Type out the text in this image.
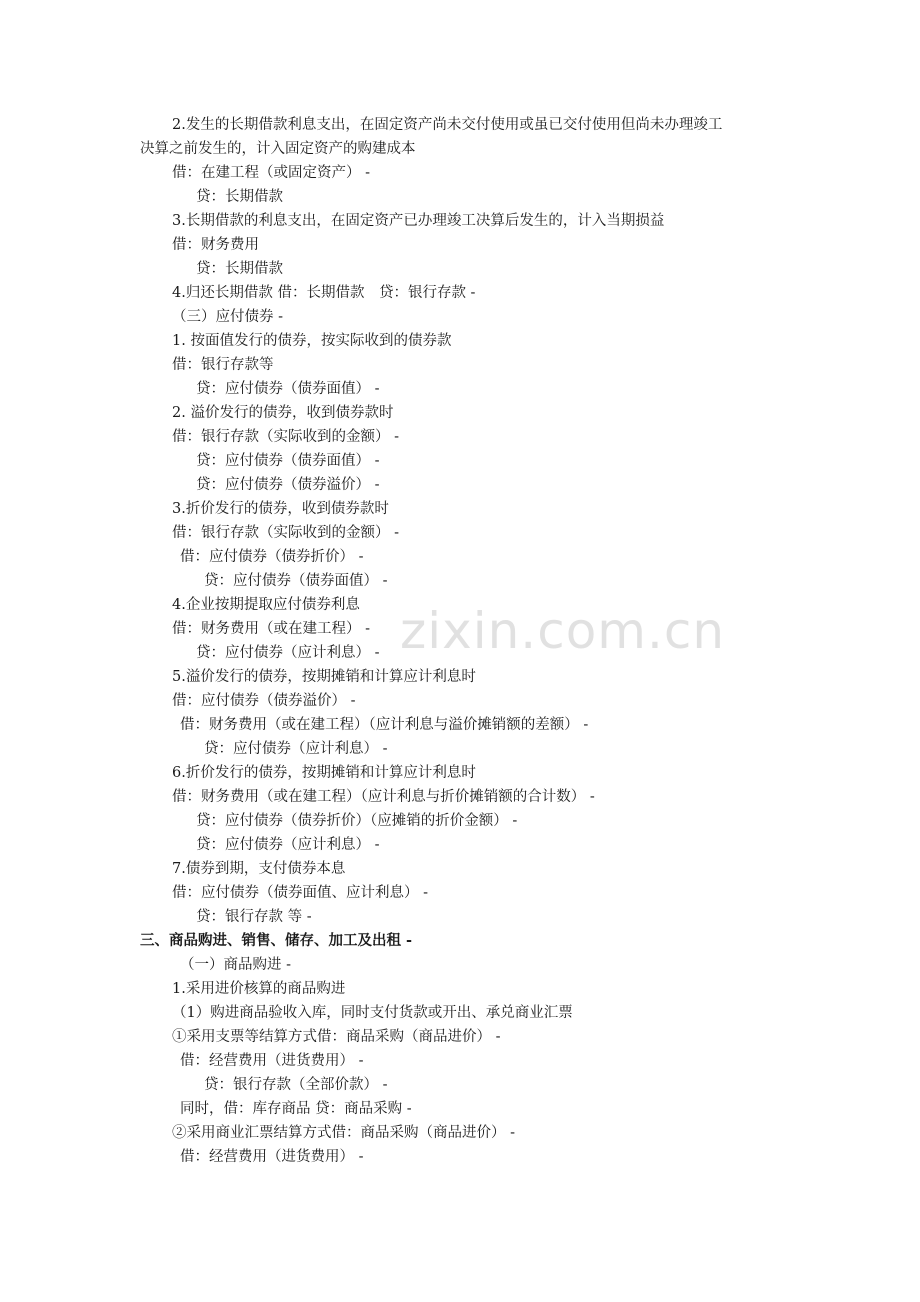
2.发生的长期借款利息支出，在固定资产尚未交付使用或虽已交付使用但尚未办理竣工
决算之前发生的，计入固定资产的购建成本
借：在建工程（或固定资产） -
贷：长期借款
3.长期借款的利息支出，在固定资产已办理竣工决算后发生的，计入当期损益
借：财务费用
贷：长期借款
4.归还长期借款 借：长期借款　贷：银行存款 -
（三）应付债券 -
1. 按面值发行的债券，按实际收到的债券款
借：银行存款等
贷：应付债券（债券面值） -
2. 溢价发行的债券，收到债券款时
借：银行存款（实际收到的金额） -
贷：应付债券（债券面值） -
贷：应付债券（债券溢价） -
3.折价发行的债券，收到债券款时
借：银行存款（实际收到的金额） -
借：应付债券（债券折价） -
贷：应付债券（债券面值） -
4.企业按期提取应付债券利息
借：财务费用（或在建工程） -
贷：应付债券（应计利息） -
5.溢价发行的债券，按期摊销和计算应计利息时
借：应付债券（债券溢价） -
借：财务费用（或在建工程）（应计利息与溢价摊销额的差额） -
贷：应付债券（应计利息） -
6.折价发行的债券，按期摊销和计算应计利息时
借：财务费用（或在建工程）（应计利息与折价摊销额的合计数） -
贷：应付债券（债券折价）（应摊销的折价金额） -
贷：应付债券（应计利息） -
7.债券到期，支付债券本息
借：应付债券（债券面值、应计利息） -
贷：银行存款 等 -
三、商品购进、销售、储存、加工及出租 -
（一）商品购进 -
1.采用进价核算的商品购进
（1）购进商品验收入库，同时支付货款或开出、承兑商业汇票
①采用支票等结算方式借：商品采购（商品进价） -
借：经营费用（进货费用） -
贷：银行存款（全部价款） -
同时，借：库存商品 贷：商品采购 -
②采用商业汇票结算方式借：商品采购（商品进价） -
借：经营费用（进货费用） -
zixin.com.cn
